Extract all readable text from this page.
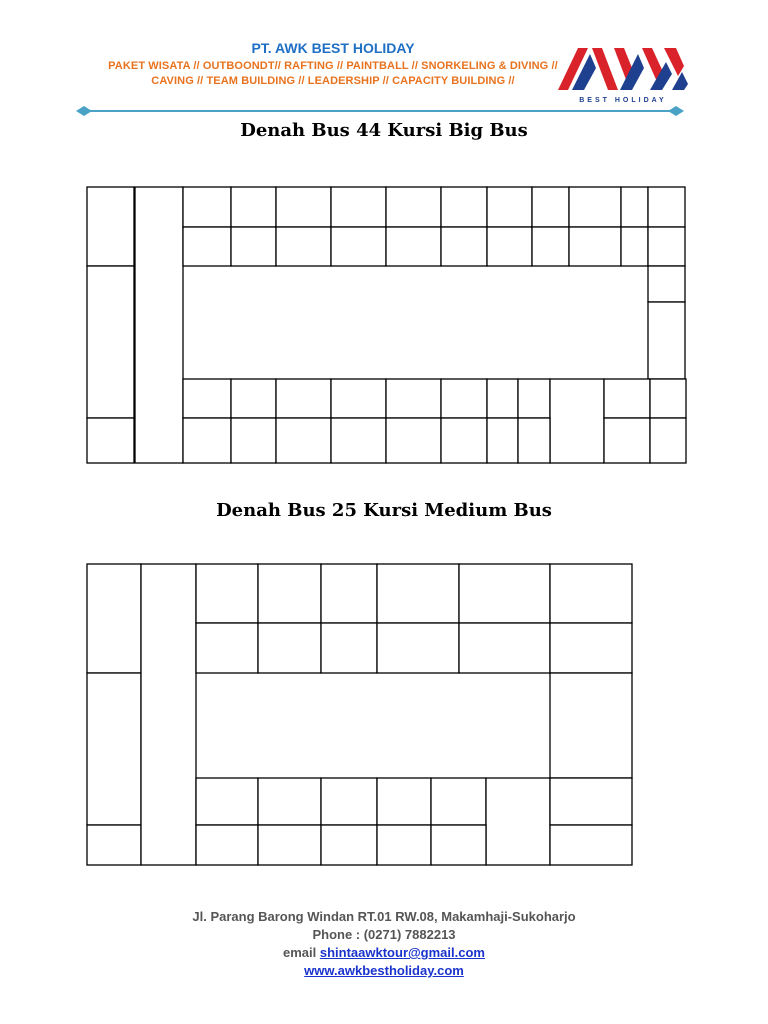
PT. AWK BEST HOLIDAY

PAKET WISATA // OUTBOONDT// RAFTING // PAINTBALL // SNORKELING & DIVING //

CAVING // TEAM BUILDING // LEADERSHIP // CAPACITY BUILDING //

BEST HOLIDAY
Denah Bus 44 Kursi Big Bus
Denah Bus 25 Kursi Medium Bus
Jl. Parang Barong Windan RT.01 RW.08, Makamhaji-Sukoharjo
Phone : (0271) 7882213
email shintaawktour@gmail.com
www.awkbestholiday.com
